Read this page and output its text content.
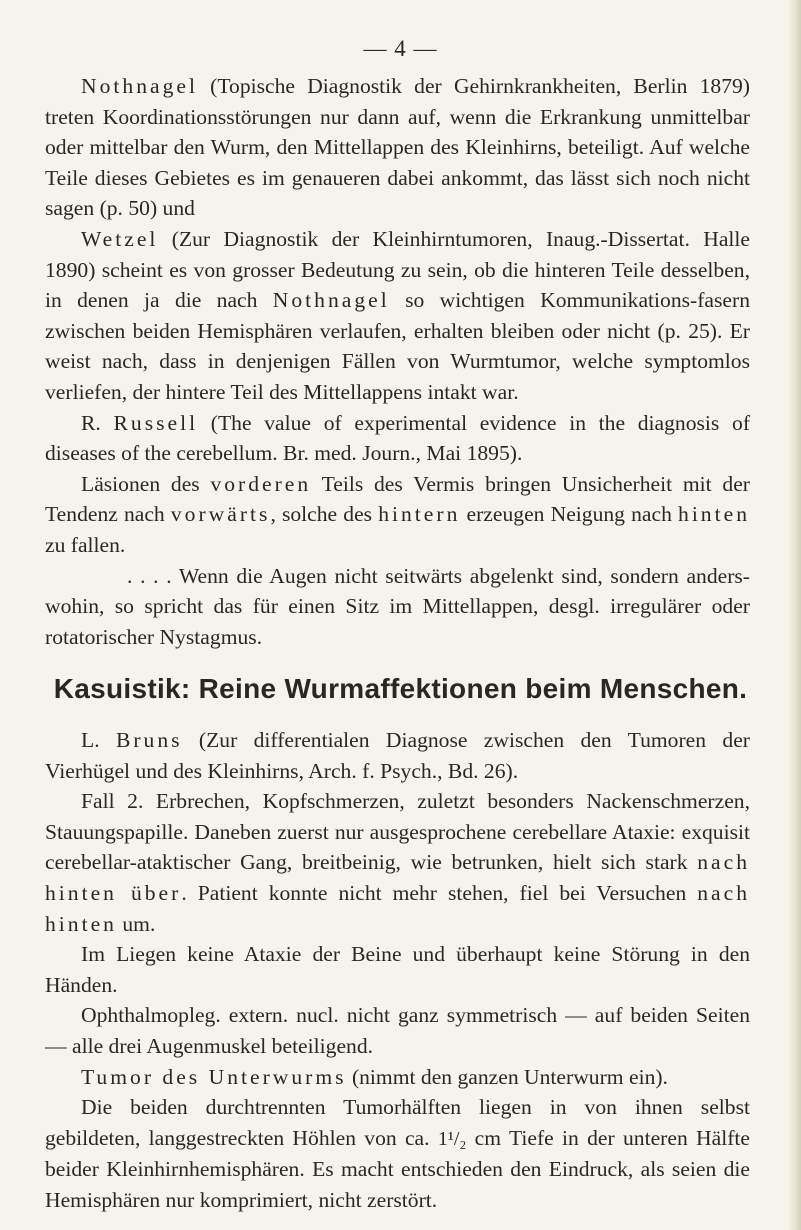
— 4 —

Nothnagel (Topische Diagnostik der Gehirnkrankheiten, Berlin 1879) treten Koordinationsstörungen nur dann auf, wenn die Erkrankung unmittelbar oder mittelbar den Wurm, den Mittellappen des Kleinhirns, beteiligt. Auf welche Teile dieses Gebietes es im genaueren dabei ankommt, das lässt sich noch nicht sagen (p. 50) und

Wetzel (Zur Diagnostik der Kleinhirntumoren, Inaug.-Dissertat. Halle 1890) scheint es von grosser Bedeutung zu sein, ob die hinteren Teile desselben, in denen ja die nach Nothnagel so wichtigen Kommunikations-fasern zwischen beiden Hemisphären verlaufen, erhalten bleiben oder nicht (p. 25). Er weist nach, dass in denjenigen Fällen von Wurmtumor, welche symptomlos verliefen, der hintere Teil des Mittellappens intakt war.

R. Russell (The value of experimental evidence in the diagnosis of diseases of the cerebellum. Br. med. Journ., Mai 1895).

Läsionen des vorderen Teils des Vermis bringen Unsicherheit mit der Tendenz nach vorwärts, solche des hintern erzeugen Neigung nach hinten zu fallen.

. . . . Wenn die Augen nicht seitwärts abgelenkt sind, sondern anders-wohin, so spricht das für einen Sitz im Mittellappen, desgl. irregulärer oder rotatorischer Nystagmus.

Kasuistik: Reine Wurmaffektionen beim Menschen.

L. Bruns (Zur differentialen Diagnose zwischen den Tumoren der Vierhügel und des Kleinhirns, Arch. f. Psych., Bd. 26).

Fall 2. Erbrechen, Kopfschmerzen, zuletzt besonders Nackenschmerzen, Stauungspapille. Daneben zuerst nur ausgesprochene cerebellare Ataxie: exquisit cerebellar-ataktischer Gang, breitbeinig, wie betrunken, hielt sich stark nach hinten über. Patient konnte nicht mehr stehen, fiel bei Versuchen nach hinten um.

Im Liegen keine Ataxie der Beine und überhaupt keine Störung in den Händen.

Ophthalmopleg. extern. nucl. nicht ganz symmetrisch — auf beiden Seiten — alle drei Augenmuskel beteiligend.

Tumor des Unterwurms (nimmt den ganzen Unterwurm ein).

Die beiden durchtrennten Tumorhälften liegen in von ihnen selbst gebildeten, langgestreckten Höhlen von ca. 1¹/₂ cm Tiefe in der unteren Hälfte beider Kleinhirnhemisphären. Es macht entschieden den Eindruck, als seien die Hemisphären nur komprimiert, nicht zerstört.
